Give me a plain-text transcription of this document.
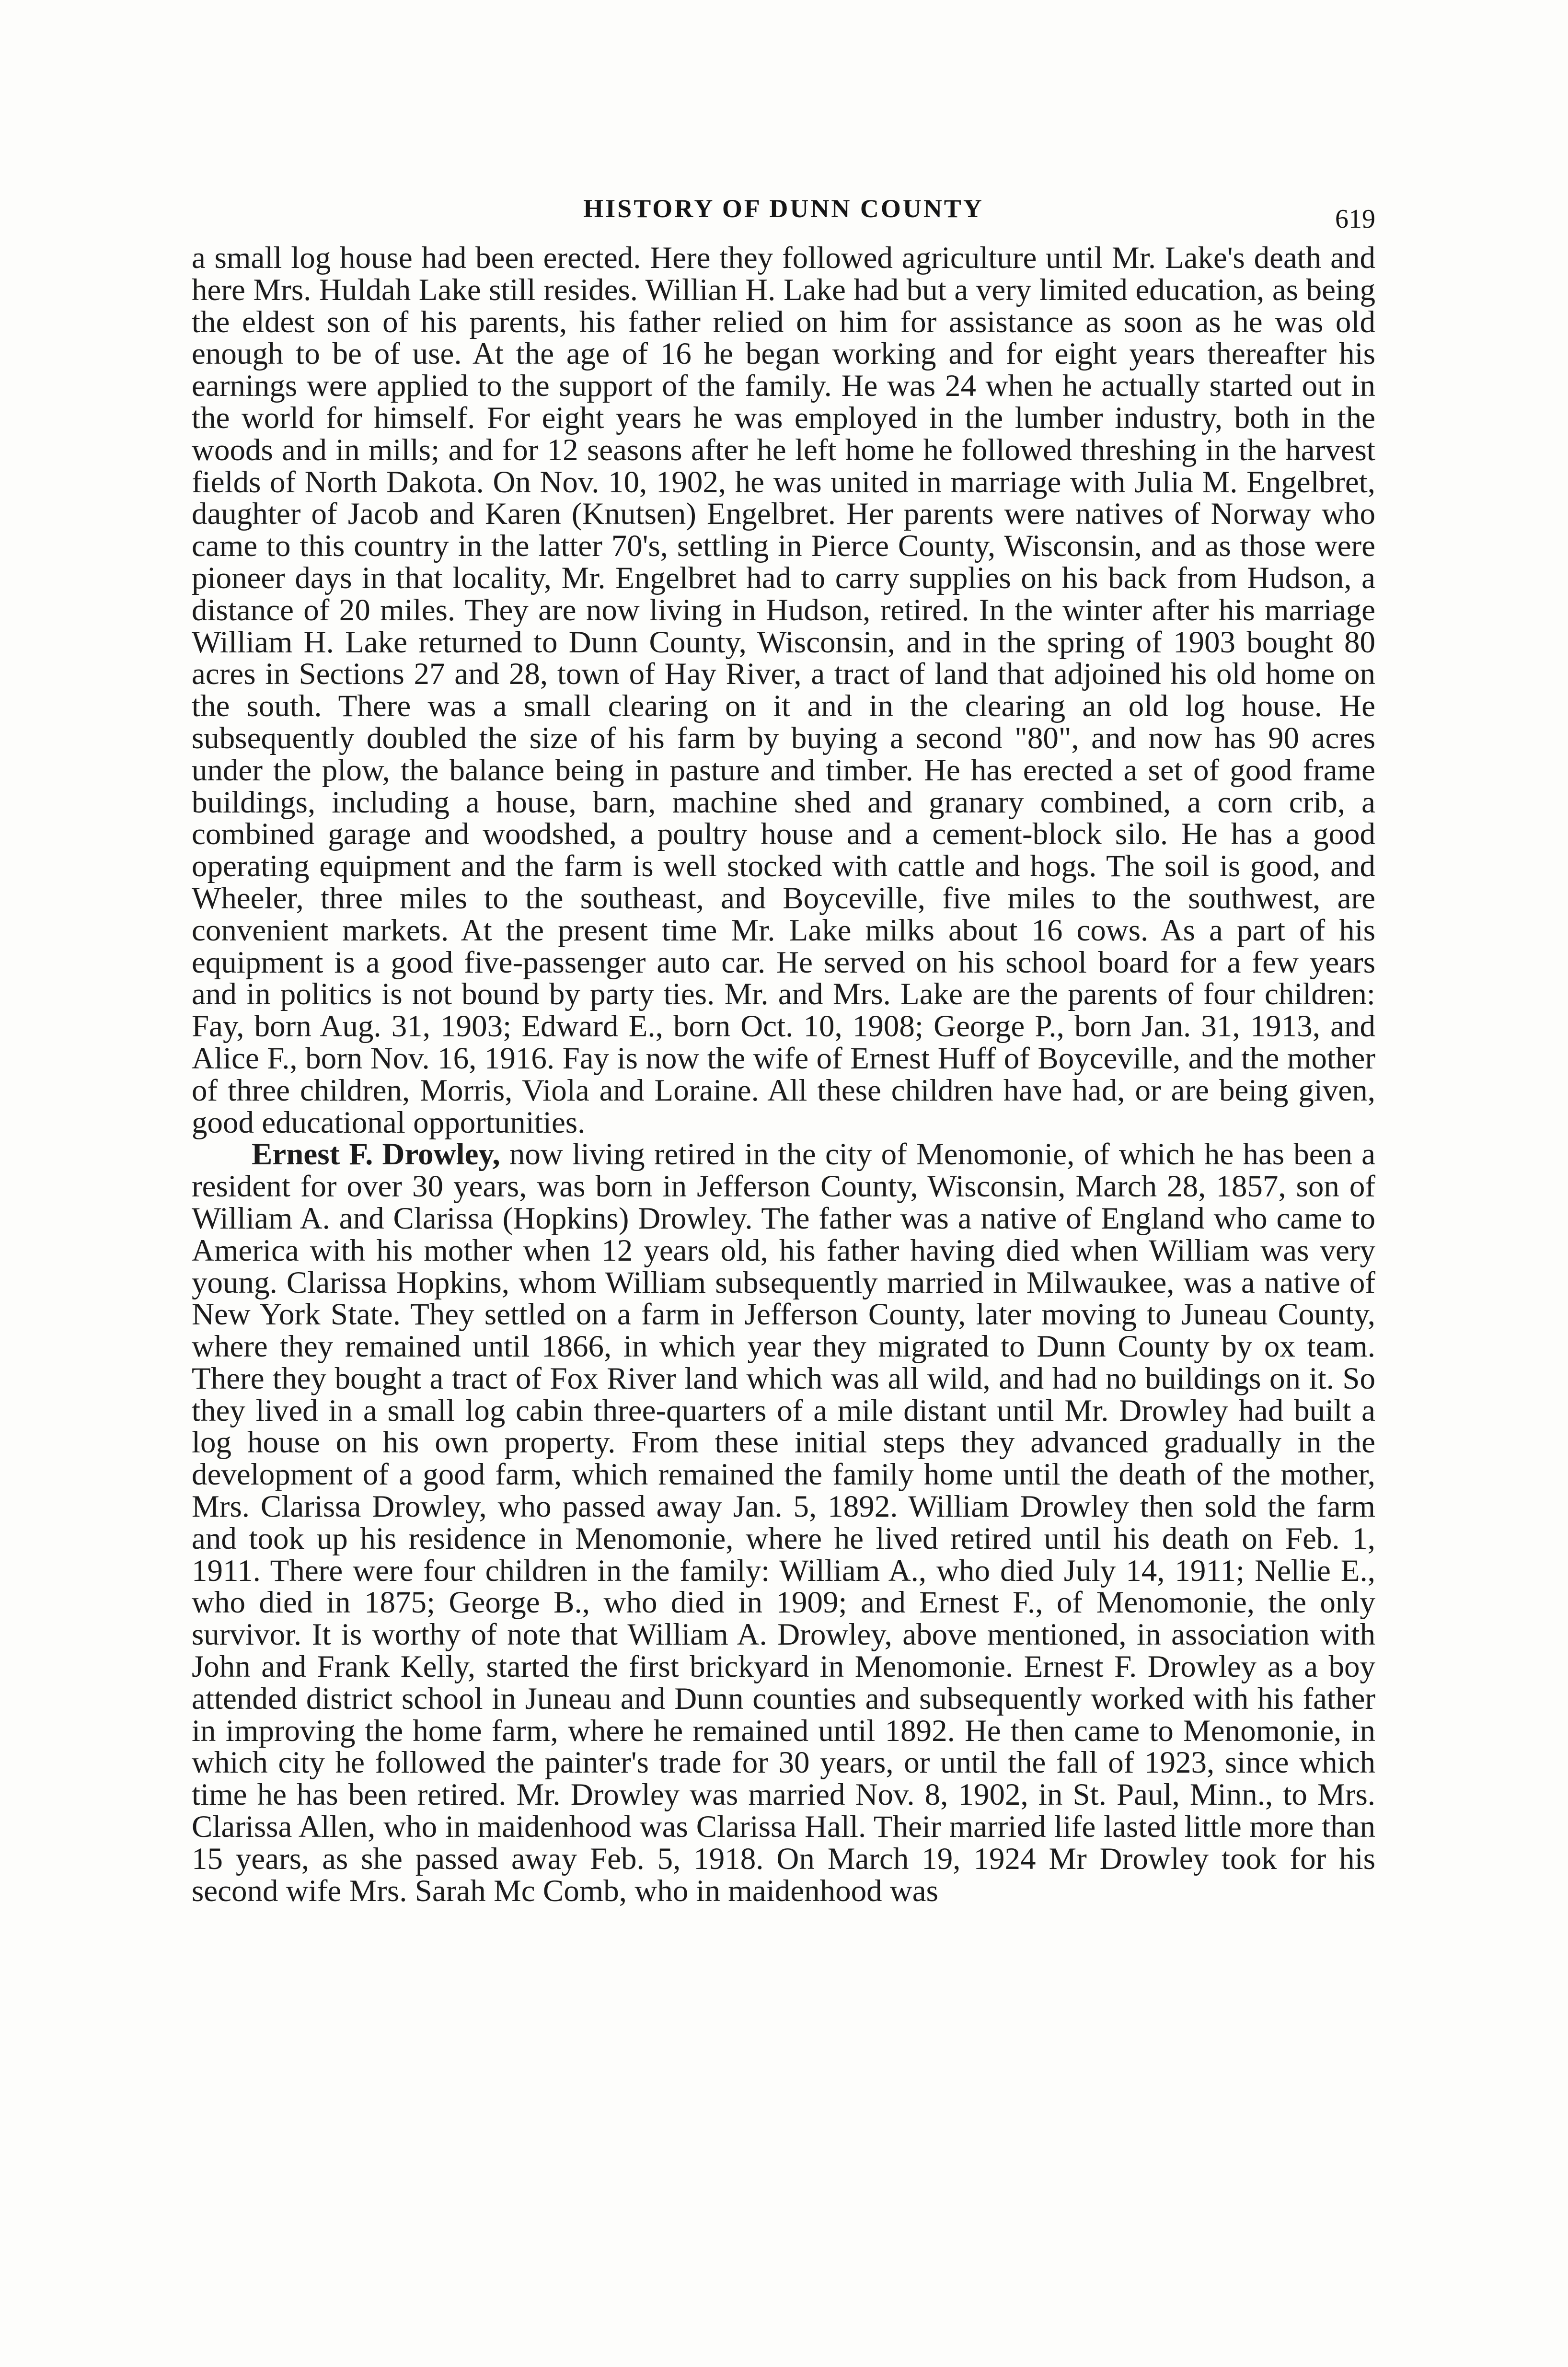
HISTORY OF DUNN COUNTY	619

a small log house had been erected. Here they followed agriculture until Mr. Lake's death and here Mrs. Huldah Lake still resides. Willian H. Lake had but a very limited education, as being the eldest son of his parents, his father relied on him for assistance as soon as he was old enough to be of use. At the age of 16 he began working and for eight years thereafter his earnings were applied to the support of the family. He was 24 when he actually started out in the world for himself. For eight years he was employed in the lumber industry, both in the woods and in mills; and for 12 seasons after he left home he followed threshing in the harvest fields of North Dakota. On Nov. 10, 1902, he was united in marriage with Julia M. Engelbret, daughter of Jacob and Karen (Knutsen) Engelbret. Her parents were natives of Norway who came to this country in the latter 70's, settling in Pierce County, Wisconsin, and as those were pioneer days in that locality, Mr. Engelbret had to carry supplies on his back from Hudson, a distance of 20 miles. They are now living in Hudson, retired. In the winter after his marriage William H. Lake returned to Dunn County, Wisconsin, and in the spring of 1903 bought 80 acres in Sections 27 and 28, town of Hay River, a tract of land that adjoined his old home on the south. There was a small clearing on it and in the clearing an old log house. He subsequently doubled the size of his farm by buying a second "80", and now has 90 acres under the plow, the balance being in pasture and timber. He has erected a set of good frame buildings, including a house, barn, machine shed and granary combined, a corn crib, a combined garage and woodshed, a poultry house and a cement-block silo. He has a good operating equipment and the farm is well stocked with cattle and hogs. The soil is good, and Wheeler, three miles to the southeast, and Boyceville, five miles to the southwest, are convenient markets. At the present time Mr. Lake milks about 16 cows. As a part of his equipment is a good five-passenger auto car. He served on his school board for a few years and in politics is not bound by party ties. Mr. and Mrs. Lake are the parents of four children: Fay, born Aug. 31, 1903; Edward E., born Oct. 10, 1908; George P., born Jan. 31, 1913, and Alice F., born Nov. 16, 1916. Fay is now the wife of Ernest Huff of Boyceville, and the mother of three children, Morris, Viola and Loraine. All these children have had, or are being given, good educational opportunities.

Ernest F. Drowley, now living retired in the city of Menomonie, of which he has been a resident for over 30 years, was born in Jefferson County, Wisconsin, March 28, 1857, son of William A. and Clarissa (Hopkins) Drowley. The father was a native of England who came to America with his mother when 12 years old, his father having died when William was very young. Clarissa Hopkins, whom William subsequently married in Milwaukee, was a native of New York State. They settled on a farm in Jefferson County, later moving to Juneau County, where they remained until 1866, in which year they migrated to Dunn County by ox team. There they bought a tract of Fox River land which was all wild, and had no buildings on it. So they lived in a small log cabin three-quarters of a mile distant until Mr. Drowley had built a log house on his own property. From these initial steps they advanced gradually in the development of a good farm, which remained the family home until the death of the mother, Mrs. Clarissa Drowley, who passed away Jan. 5, 1892. William Drowley then sold the farm and took up his residence in Menomonie, where he lived retired until his death on Feb. 1, 1911. There were four children in the family: William A., who died July 14, 1911; Nellie E., who died in 1875; George B., who died in 1909; and Ernest F., of Menomonie, the only survivor. It is worthy of note that William A. Drowley, above mentioned, in association with John and Frank Kelly, started the first brickyard in Menomonie. Ernest F. Drowley as a boy attended district school in Juneau and Dunn counties and subsequently worked with his father in improving the home farm, where he remained until 1892. He then came to Menomonie, in which city he followed the painter's trade for 30 years, or until the fall of 1923, since which time he has been retired. Mr. Drowley was married Nov. 8, 1902, in St. Paul, Minn., to Mrs. Clarissa Allen, who in maidenhood was Clarissa Hall. Their married life lasted little more than 15 years, as she passed away Feb. 5, 1918. On March 19, 1924 Mr Drowley took for his second wife Mrs. Sarah Mc Comb, who in maidenhood was
